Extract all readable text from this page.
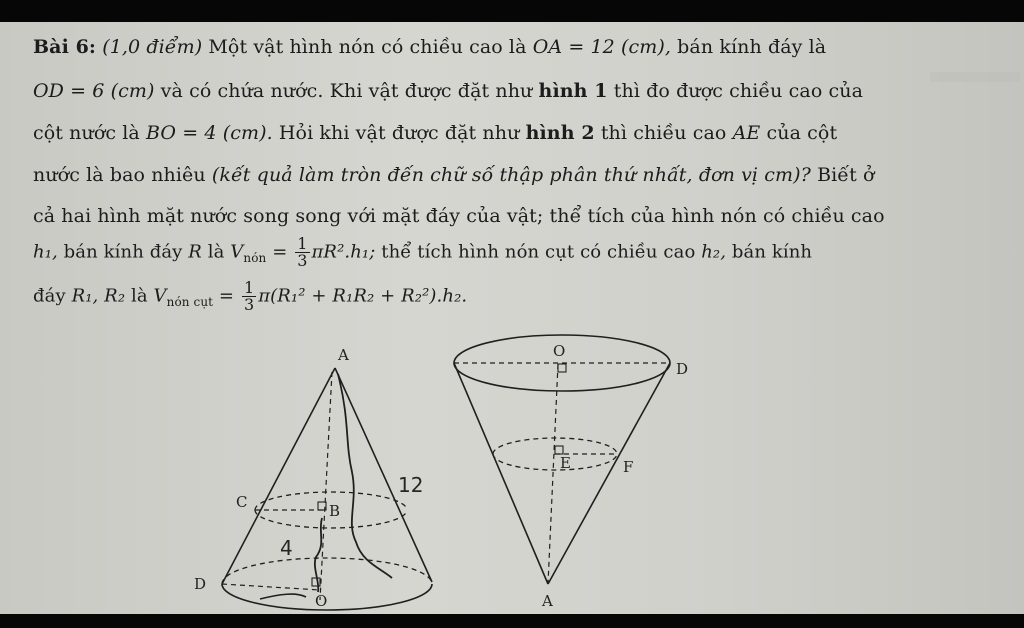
Bài 6: (1,0 điểm) Một vật hình nón có chiều cao là OA = 12 (cm), bán kính đáy là
OD = 6 (cm) và có chứa nước. Khi vật được đặt như hình 1 thì đo được chiều cao của
cột nước là BO = 4 (cm). Hỏi khi vật được đặt như hình 2 thì chiều cao AE của cột
nước là bao nhiêu (kết quả làm tròn đến chữ số thập phân thứ nhất, đơn vị cm)? Biết ở
cả hai hình mặt nước song song với mặt đáy của vật; thể tích của hình nón có chiều cao
h₁, bán kính đáy R là $V_{nón} = \frac{1}{3} \pi R^2.h_1$; thể tích hình nón cụt có chiều cao h₂, bán kính
đáy R₁, R₂ là $V_{nón cụt} = \frac{1}{3} \pi(R_1^2 + R_1R_2 + R_2^2).h_2$.
A
C	B
D
O
12
4
O
D
E	F
A
